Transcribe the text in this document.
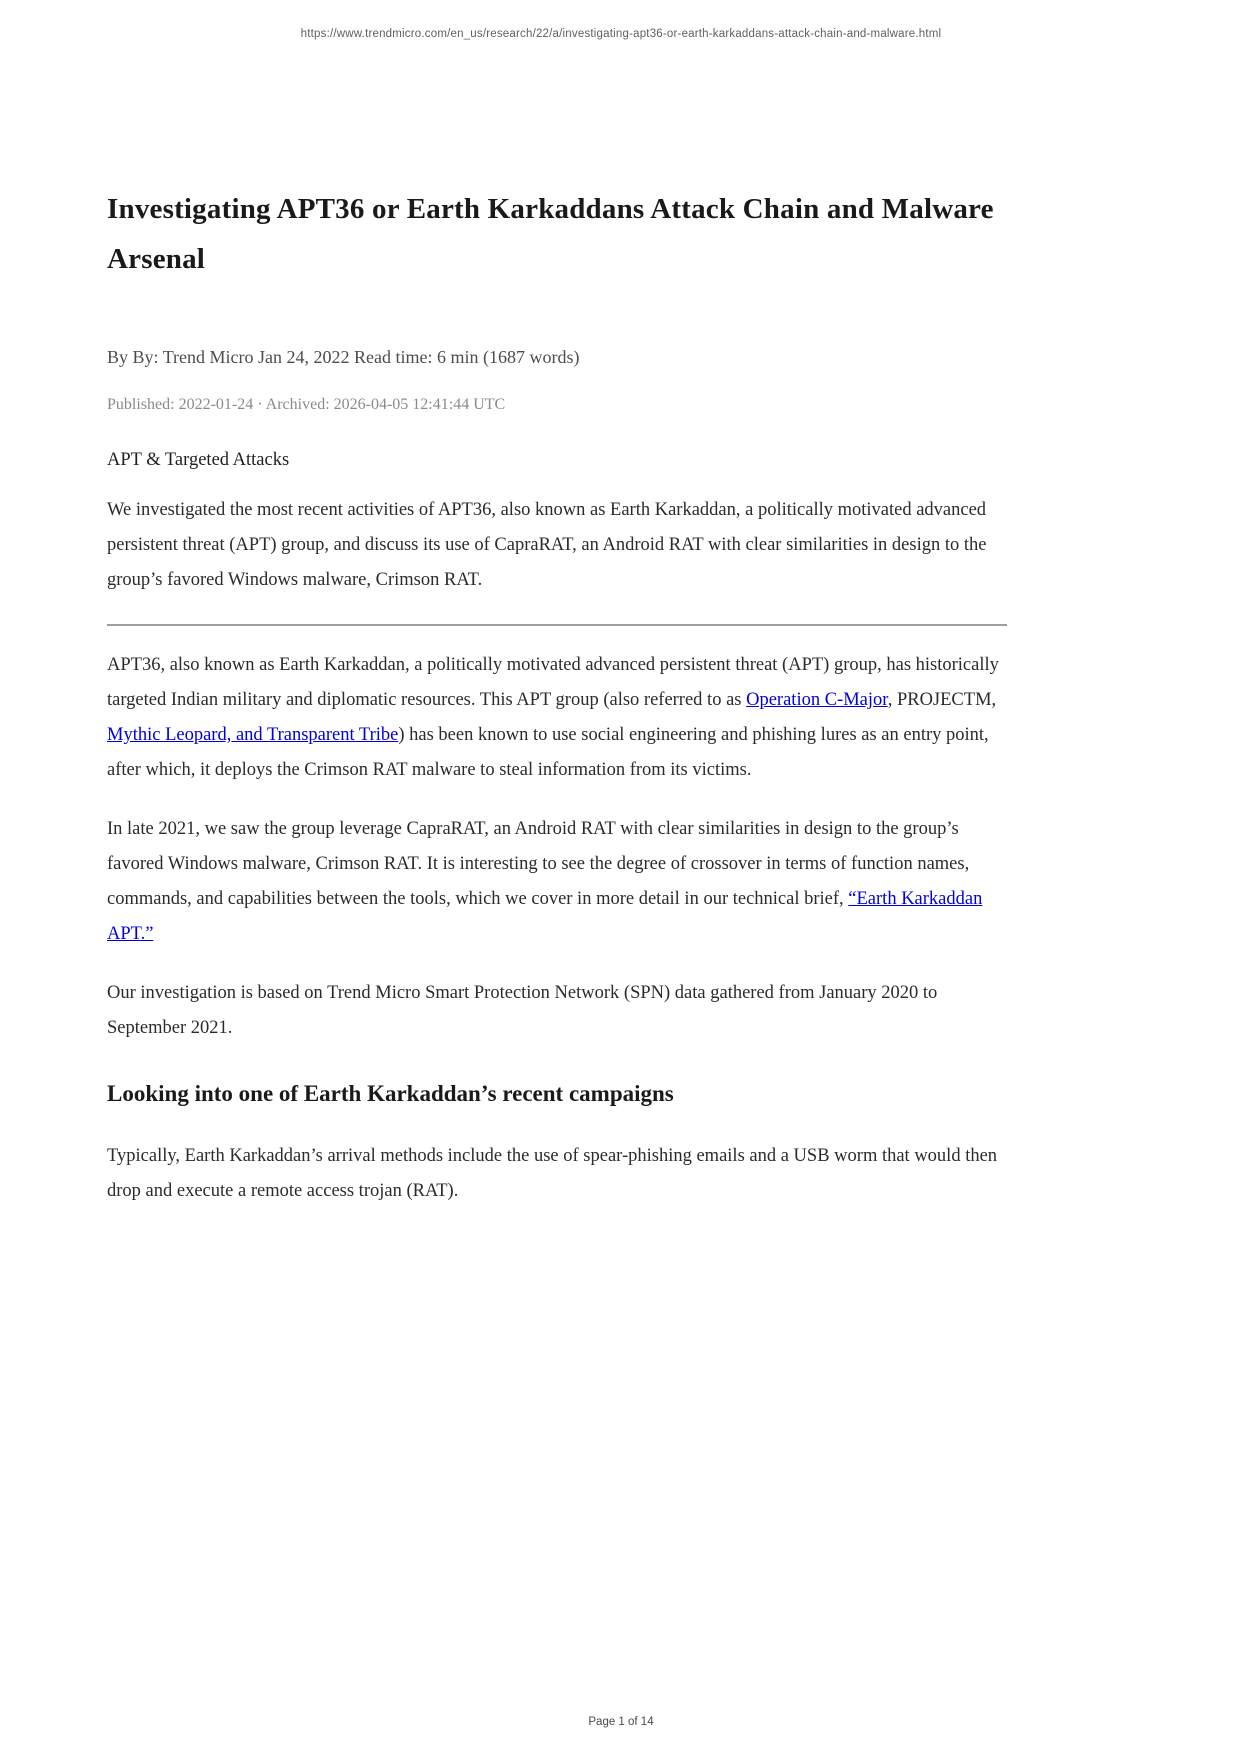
https://www.trendmicro.com/en_us/research/22/a/investigating-apt36-or-earth-karkaddans-attack-chain-and-malware.html
Investigating APT36 or Earth Karkaddans Attack Chain and Malware Arsenal

By By: Trend Micro Jan 24, 2022 Read time: 6 min (1687 words)

Published: 2022-01-24 · Archived: 2026-04-05 12:41:44 UTC

APT & Targeted Attacks

We investigated the most recent activities of APT36, also known as Earth Karkaddan, a politically motivated advanced persistent threat (APT) group, and discuss its use of CapraRAT, an Android RAT with clear similarities in design to the group’s favored Windows malware, Crimson RAT.

APT36, also known as Earth Karkaddan, a politically motivated advanced persistent threat (APT) group, has historically targeted Indian military and diplomatic resources. This APT group (also referred to as Operation C-Major, PROJECTM, Mythic Leopard, and Transparent Tribe) has been known to use social engineering and phishing lures as an entry point, after which, it deploys the Crimson RAT malware to steal information from its victims.

In late 2021, we saw the group leverage CapraRAT, an Android RAT with clear similarities in design to the group’s favored Windows malware, Crimson RAT. It is interesting to see the degree of crossover in terms of function names, commands, and capabilities between the tools, which we cover in more detail in our technical brief, “Earth Karkaddan APT.”

Our investigation is based on Trend Micro Smart Protection Network (SPN) data gathered from January 2020 to September 2021.

Looking into one of Earth Karkaddan’s recent campaigns

Typically, Earth Karkaddan’s arrival methods include the use of spear-phishing emails and a USB worm that would then drop and execute a remote access trojan (RAT).

Page 1 of 14
